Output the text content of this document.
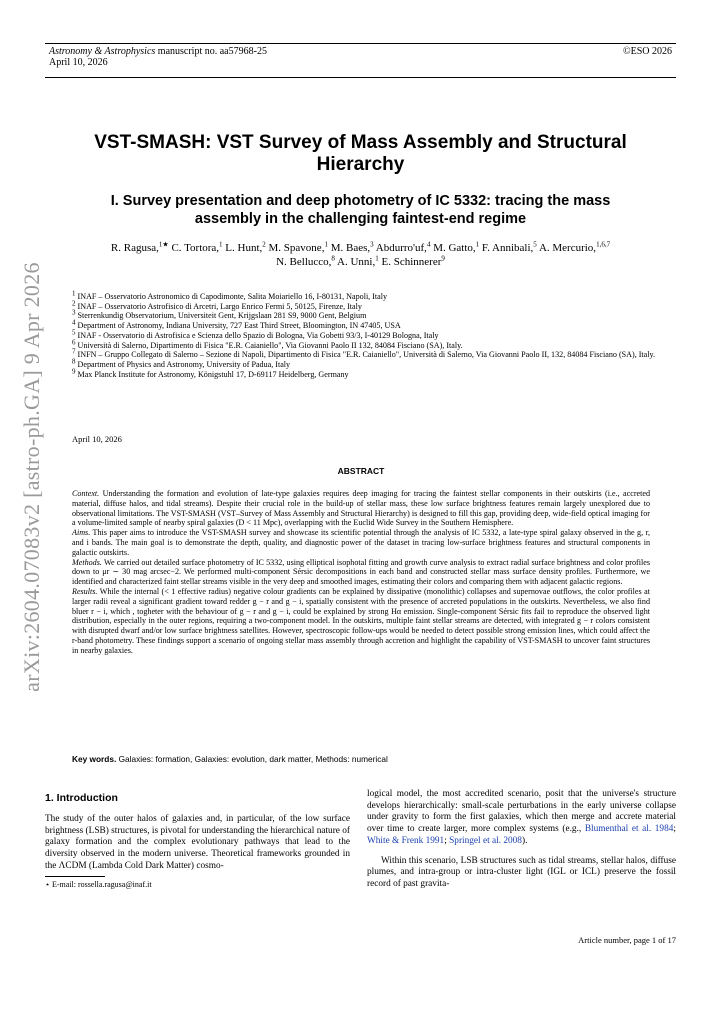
Astronomy & Astrophysics manuscript no. aa57968-25
April 10, 2026
©ESO 2026
arXiv:2604.07083v2 [astro-ph.GA] 9 Apr 2026
VST-SMASH: VST Survey of Mass Assembly and Structural Hierarchy
I. Survey presentation and deep photometry of IC 5332: tracing the mass assembly in the challenging faintest-end regime
R. Ragusa,$^{1★}$ C. Tortora,$^1$ L. Hunt,$^2$ M. Spavone,$^1$ M. Baes,$^3$ Abdurro'uf,$^4$ M. Gatto,$^1$ F. Annibali,$^5$ A. Mercurio,$^{1,6,7}$
N. Bellucco,$^8$ A. Unni,$^1$ E. Schinnerer$^9$
$^1$ INAF – Osservatorio Astronomico di Capodimonte, Salita Moiariello 16, I-80131, Napoli, Italy
$^2$ INAF – Osservatorio Astrofisico di Arcetri, Largo Enrico Fermi 5, 50125, Firenze, Italy
$^3$ Sterrenkundig Observatorium, Universiteit Gent, Krijgslaan 281 S9, 9000 Gent, Belgium
$^4$ Department of Astronomy, Indiana University, 727 East Third Street, Bloomington, IN 47405, USA
$^5$ INAF - Osservatorio di Astrofisica e Scienza dello Spazio di Bologna, Via Gobetti 93/3, I-40129 Bologna, Italy
$^6$ Università di Salerno, Dipartimento di Fisica "E.R. Caianiello", Via Giovanni Paolo II 132, 84084 Fisciano (SA), Italy.
$^7$ INFN – Gruppo Collegato di Salerno – Sezione di Napoli, Dipartimento di Fisica "E.R. Caianiello", Università di Salerno, Via Giovanni Paolo II, 132, 84084 Fisciano (SA), Italy.
$^8$ Department of Physics and Astronomy, University of Padua, Italy
$^9$ Max Planck Institute for Astronomy, Königstuhl 17, D-69117 Heidelberg, Germany
April 10, 2026
ABSTRACT

Context. Understanding the formation and evolution of late-type galaxies requires deep imaging for tracing the faintest stellar components in their outskirts (i.e., accreted material, diffuse halos, and tidal streams). Despite their crucial role in the build-up of stellar mass, these low surface brightness features remain largely unexplored due to observational limitations. The VST-SMASH (VST–Survey of Mass Assembly and Structural Hierarchy) is designed to fill this gap, providing deep, wide-field optical imaging for a volume-limited sample of nearby spiral galaxies (D < 11 Mpc), overlapping with the Euclid Wide Survey in the Southern Hemisphere.

Aims. This paper aims to introduce the VST-SMASH survey and showcase its scientific potential through the analysis of IC 5332, a late-type spiral galaxy observed in the g, r, and i bands. The main goal is to demonstrate the depth, quality, and diagnostic power of the dataset in tracing low-surface brightness features and structural components in galactic outskirts.

Methods. We carried out detailed surface photometry of IC 5332, using elliptical isophotal fitting and growth curve analysis to extract radial surface brightness and color profiles down to μr ∼ 30 mag arcsec−2. We performed multi-component Sérsic decompositions in each band and constructed stellar mass surface density profiles. Furthermore, we identified and characterized faint stellar streams visible in the very deep and smoothed images, estimating their colors and comparing them with adjacent galactic regions.

Results. While the internal (< 1 effective radius) negative colour gradients can be explained by dissipative (monolithic) collapses and supernovae outflows, the color profiles at larger radii reveal a significant gradient toward redder g − r and g − i, spatially consistent with the presence of accreted populations in the outskirts. Nevertheless, we also find bluer r − i, which , togheter with the behaviour of g − r and g − i, could be explained by strong Hα emission. Single-component Sérsic fits fail to reproduce the observed light distribution, especially in the outer regions, requiring a two-component model. In the outskirts, multiple faint stellar streams are detected, with integrated g − r colors consistent with disrupted dwarf and/or low surface brightness satellites. However, spectroscopic follow-ups would be needed to detect possible strong emission lines, which could affect the r-band photometry. These findings support a scenario of ongoing stellar mass assembly through accretion and highlight the capability of VST-SMASH to uncover faint structures in nearby galaxies.

Key words. Galaxies: formation, Galaxies: evolution, dark matter, Methods: numerical
1. Introduction

The study of the outer halos of galaxies and, in particular, of the low surface brightness (LSB) structures, is pivotal for understanding the hierarchical nature of galaxy formation and the complex evolutionary pathways that lead to the diversity observed in the modern universe. Theoretical frameworks grounded in the ΛCDM (Lambda Cold Dark Matter) cosmo-

logical model, the most accredited scenario, posit that the universe's structure develops hierarchically: small-scale perturbations in the early universe collapse under gravity to form the first galaxies, which then merge and accrete material over time to create larger, more complex systems (e.g., Blumenthal et al. 1984; White & Frenk 1991; Springel et al. 2008).

Within this scenario, LSB structures such as tidal streams, stellar halos, diffuse plumes, and intra-group or intra-cluster light (IGL or ICL) preserve the fossil record of past gravita-

⋆ E-mail: rossella.ragusa@inaf.it
Article number, page 1 of 17
